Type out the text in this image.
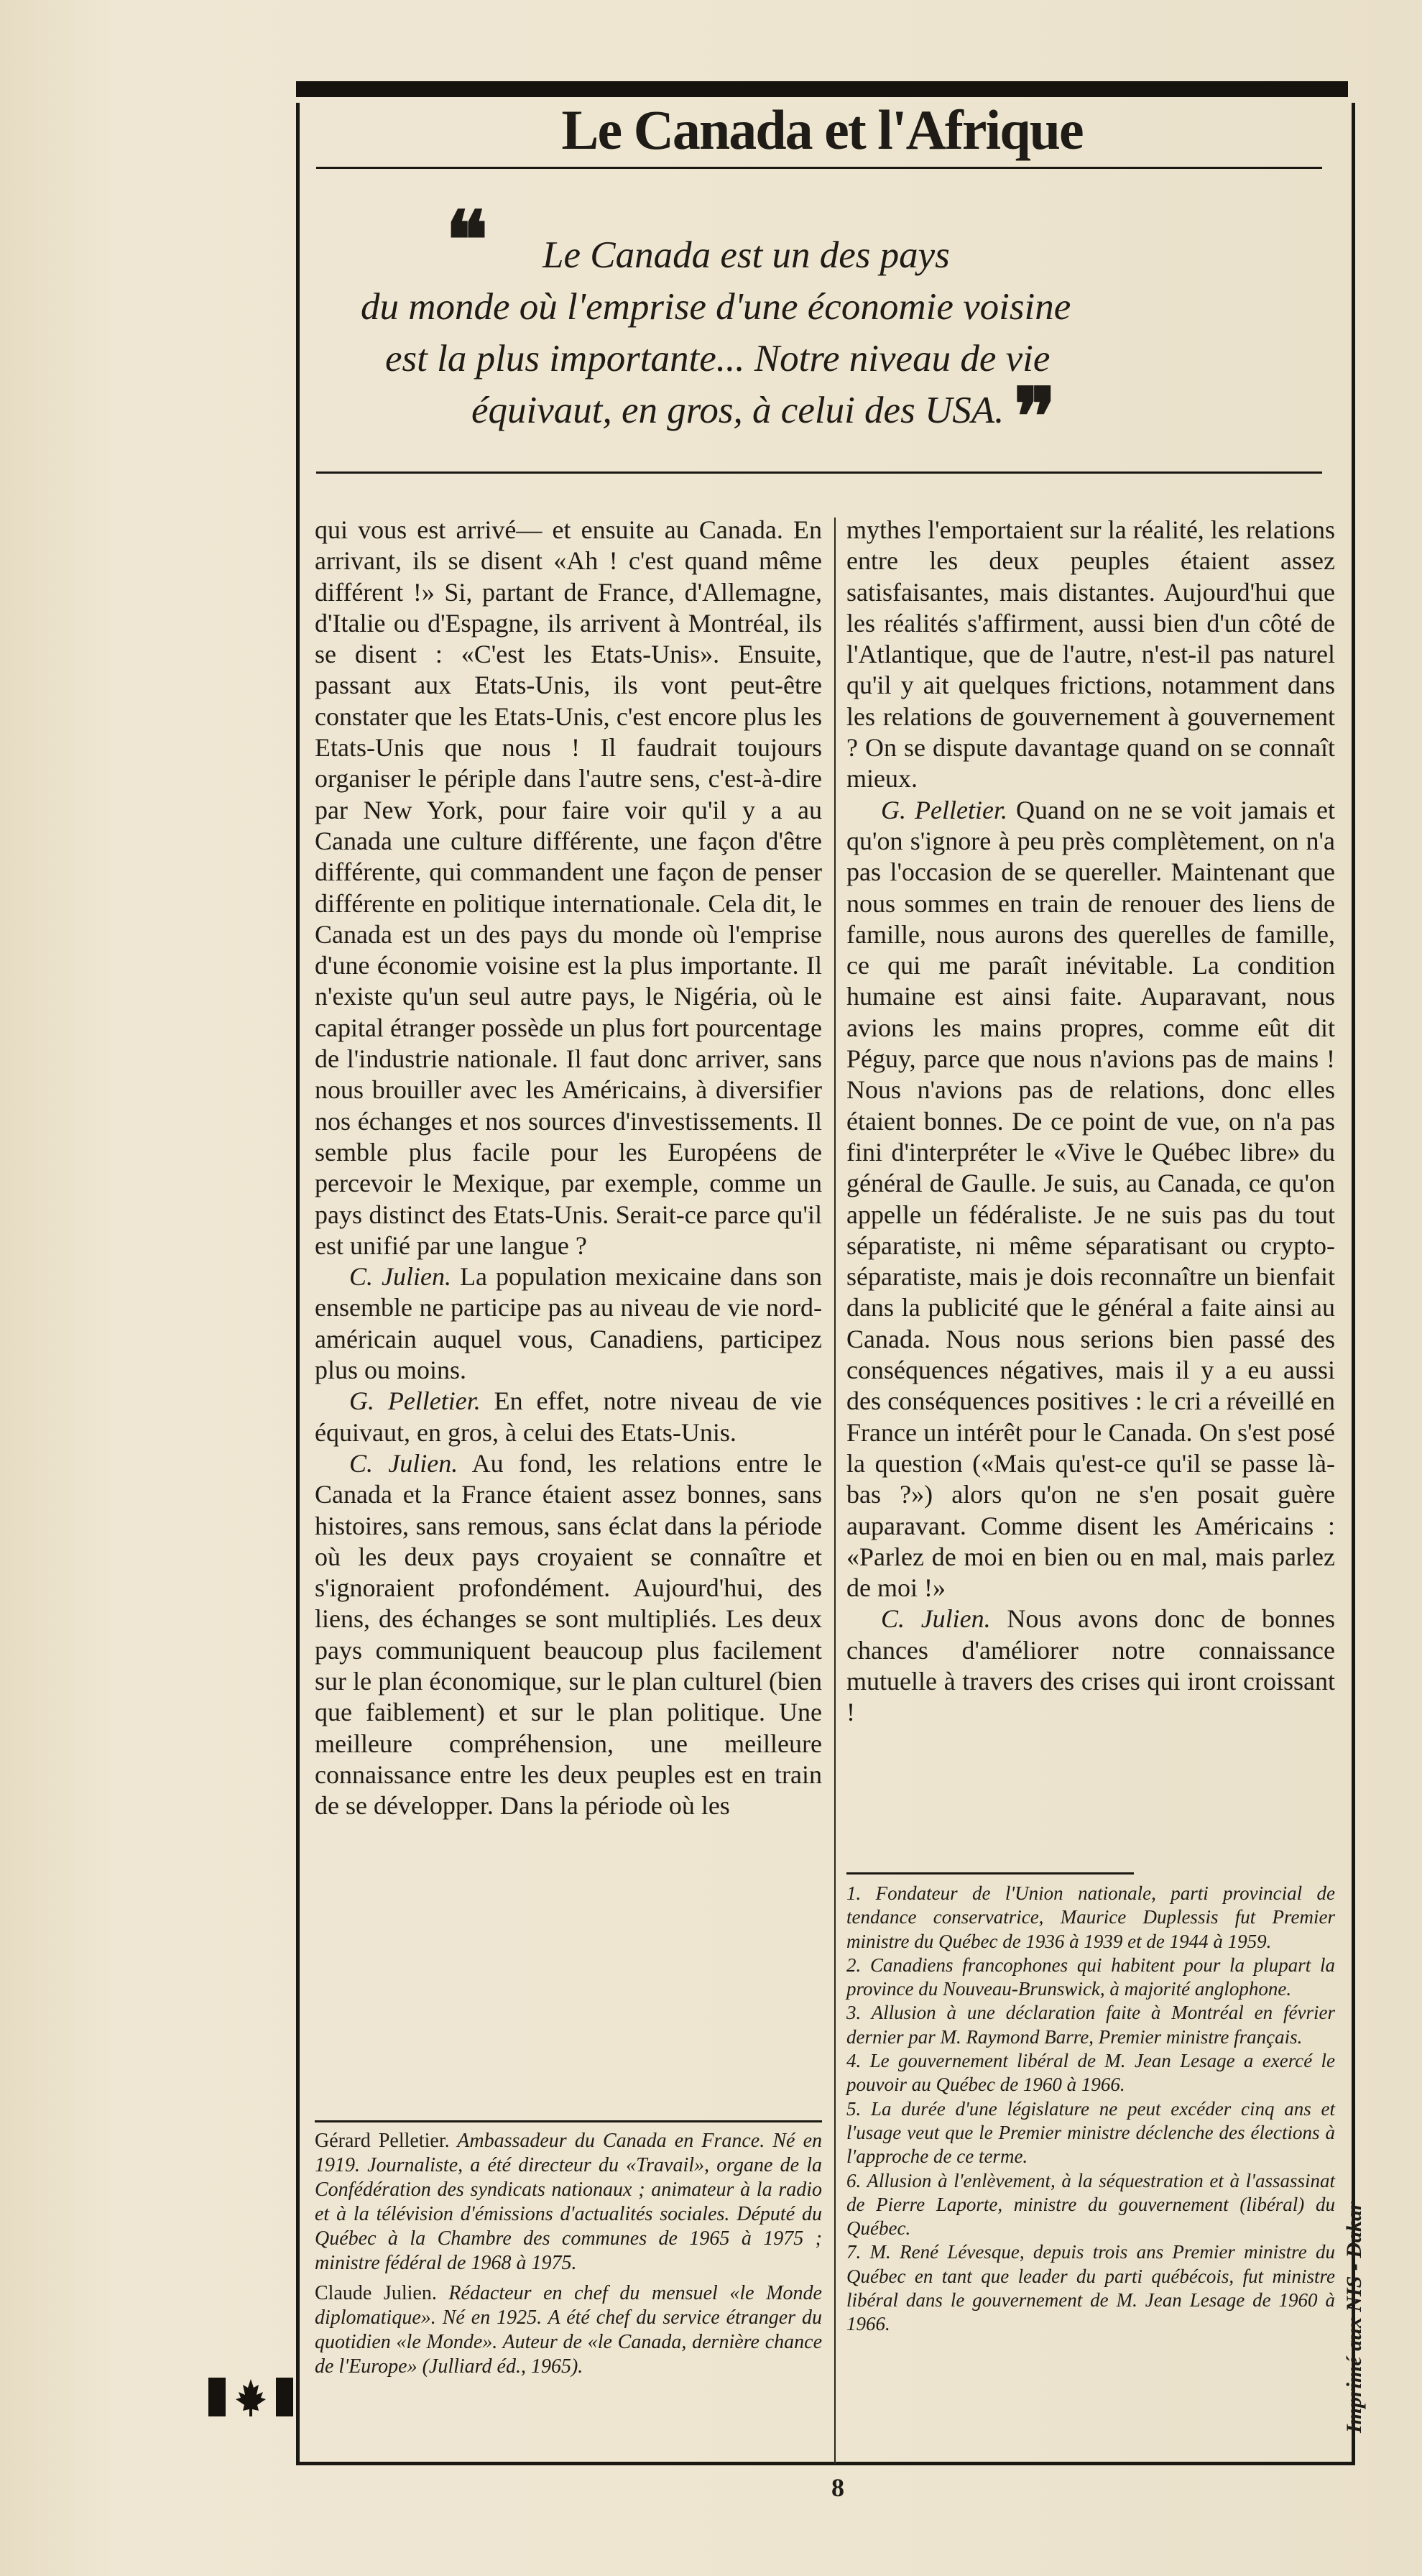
Le Canada et l'Afrique
❝ Le Canada est un des pays
du monde où l'emprise d'une économie voisine
est la plus importante... Notre niveau de vie
équivaut, en gros, à celui des USA. ❞

qui vous est arrivé— et ensuite au Canada. En arrivant, ils se disent «Ah ! c'est quand même différent !» Si, partant de France, d'Allemagne, d'Italie ou d'Espagne, ils arrivent à Montréal, ils se disent : «C'est les Etats-Unis». Ensuite, passant aux Etats-Unis, ils vont peut-être constater que les Etats-Unis, c'est encore plus les Etats-Unis que nous ! Il faudrait toujours organiser le périple dans l'autre sens, c'est-à-dire par New York, pour faire voir qu'il y a au Canada une culture différente, une façon d'être différente, qui commandent une façon de penser différente en politique internationale. Cela dit, le Canada est un des pays du monde où l'emprise d'une économie voisine est la plus importante. Il n'existe qu'un seul autre pays, le Nigéria, où le capital étranger possède un plus fort pourcentage de l'industrie nationale. Il faut donc arriver, sans nous brouiller avec les Américains, à diversifier nos échanges et nos sources d'investissements. Il semble plus facile pour les Européens de percevoir le Mexique, par exemple, comme un pays distinct des Etats-Unis. Serait-ce parce qu'il est unifié par une langue ?

C. Julien. La population mexicaine dans son ensemble ne participe pas au niveau de vie nord-américain auquel vous, Canadiens, participez plus ou moins.

G. Pelletier. En effet, notre niveau de vie équivaut, en gros, à celui des Etats-Unis.

C. Julien. Au fond, les relations entre le Canada et la France étaient assez bonnes, sans histoires, sans remous, sans éclat dans la période où les deux pays croyaient se connaître et s'ignoraient profondément. Aujourd'hui, des liens, des échanges se sont multipliés. Les deux pays communiquent beaucoup plus facilement sur le plan économique, sur le plan culturel (bien que faiblement) et sur le plan politique. Une meilleure compréhension, une meilleure connaissance entre les deux peuples est en train de se développer. Dans la période où les

mythes l'emportaient sur la réalité, les relations entre les deux peuples étaient assez satisfaisantes, mais distantes. Aujourd'hui que les réalités s'affirment, aussi bien d'un côté de l'Atlantique, que de l'autre, n'est-il pas naturel qu'il y ait quelques frictions, notamment dans les relations de gouvernement à gouvernement ? On se dispute davantage quand on se connaît mieux.

G. Pelletier. Quand on ne se voit jamais et qu'on s'ignore à peu près complètement, on n'a pas l'occasion de se quereller. Maintenant que nous sommes en train de renouer des liens de famille, nous aurons des querelles de famille, ce qui me paraît inévitable. La condition humaine est ainsi faite. Auparavant, nous avions les mains propres, comme eût dit Péguy, parce que nous n'avions pas de mains ! Nous n'avions pas de relations, donc elles étaient bonnes. De ce point de vue, on n'a pas fini d'interpréter le «Vive le Québec libre» du général de Gaulle. Je suis, au Canada, ce qu'on appelle un fédéraliste. Je ne suis pas du tout séparatiste, ni même séparatisant ou crypto-séparatiste, mais je dois reconnaître un bienfait dans la publicité que le général a faite ainsi au Canada. Nous nous serions bien passé des conséquences négatives, mais il y a eu aussi des conséquences positives : le cri a réveillé en France un intérêt pour le Canada. On s'est posé la question («Mais qu'est-ce qu'il se passe là-bas ?») alors qu'on ne s'en posait guère auparavant. Comme disent les Américains : «Parlez de moi en bien ou en mal, mais parlez de moi !»

C. Julien. Nous avons donc de bonnes chances d'améliorer notre connaissance mutuelle à travers des crises qui iront croissant !

Gérard Pelletier. Ambassadeur du Canada en France. Né en 1919. Journaliste, a été directeur du «Travail», organe de la Confédération des syndicats nationaux ; animateur à la radio et à la télévision d'émissions d'actualités sociales. Député du Québec à la Chambre des communes de 1965 à 1975 ; ministre fédéral de 1968 à 1975.

Claude Julien. Rédacteur en chef du mensuel «le Monde diplomatique». Né en 1925. A été chef du service étranger du quotidien «le Monde». Auteur de «le Canada, dernière chance de l'Europe» (Julliard éd., 1965).

1. Fondateur de l'Union nationale, parti provincial de tendance conservatrice, Maurice Duplessis fut Premier ministre du Québec de 1936 à 1939 et de 1944 à 1959.

2. Canadiens francophones qui habitent pour la plupart la province du Nouveau-Brunswick, à majorité anglophone.

3. Allusion à une déclaration faite à Montréal en février dernier par M. Raymond Barre, Premier ministre français.

4. Le gouvernement libéral de M. Jean Lesage a exercé le pouvoir au Québec de 1960 à 1966.

5. La durée d'une législature ne peut excéder cinq ans et l'usage veut que le Premier ministre déclenche des élections à l'approche de ce terme.

6. Allusion à l'enlèvement, à la séquestration et à l'assassinat de Pierre Laporte, ministre du gouvernement (libéral) du Québec.

7. M. René Lévesque, depuis trois ans Premier ministre du Québec en tant que leader du parti québécois, fut ministre libéral dans le gouvernement de M. Jean Lesage de 1960 à 1966.

8
Imprimé aux NIS - Dakar
